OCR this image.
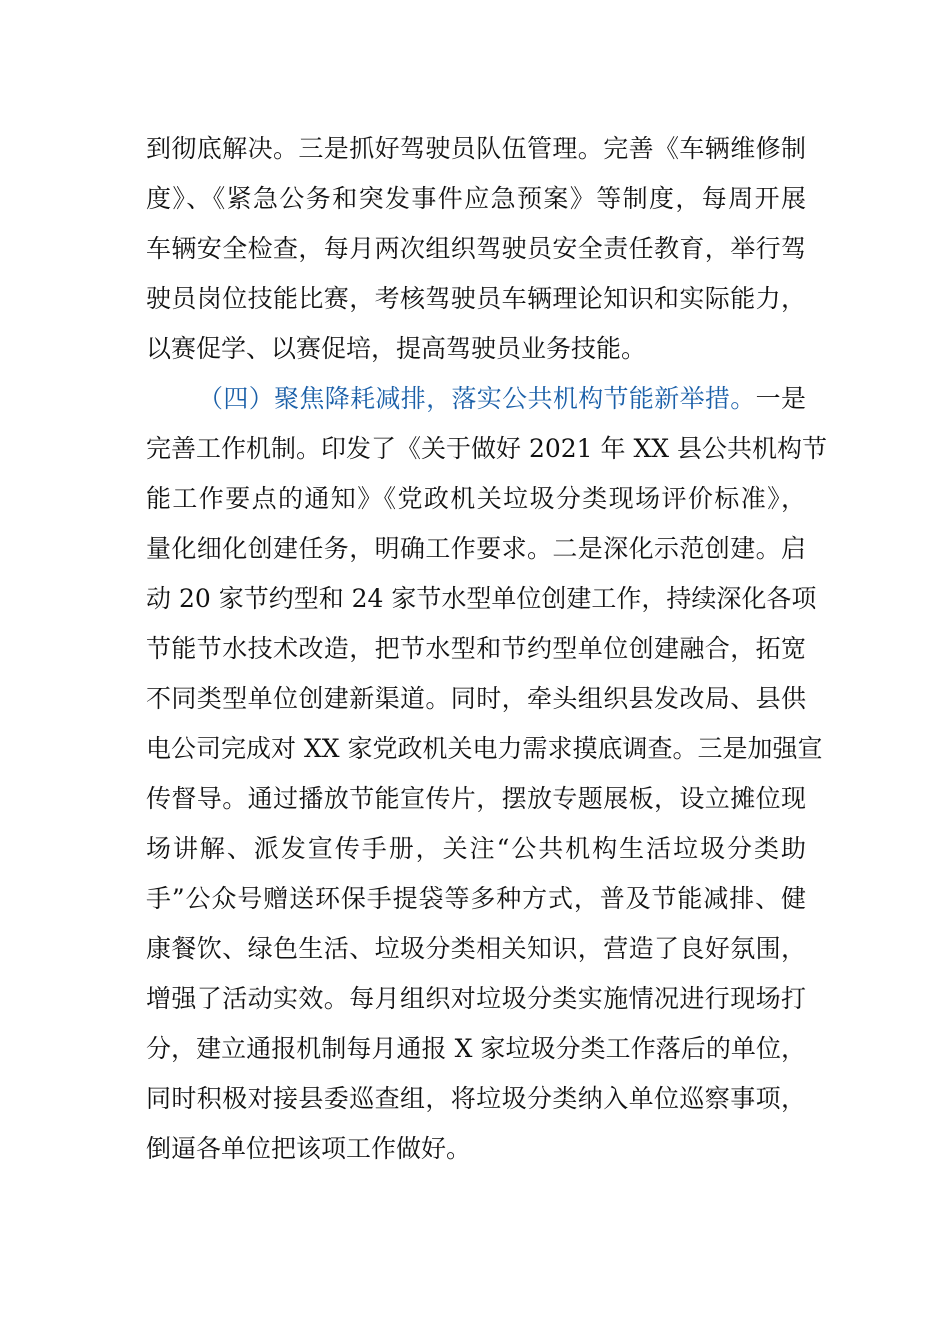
到彻底解决。三是抓好驾驶员队伍管理。完善《车辆维修制
度》、《紧急公务和突发事件应急预案》等制度，每周开展
车辆安全检查，每月两次组织驾驶员安全责任教育，举行驾
驶员岗位技能比赛，考核驾驶员车辆理论知识和实际能力，
以赛促学、以赛促培，提高驾驶员业务技能。
（四）聚焦降耗减排，落实公共机构节能新举措。一是
完善工作机制。印发了《关于做好 2021 年 XX 县公共机构节
能工作要点的通知》《党政机关垃圾分类现场评价标准》，
量化细化创建任务，明确工作要求。二是深化示范创建。启
动 20 家节约型和 24 家节水型单位创建工作，持续深化各项
节能节水技术改造，把节水型和节约型单位创建融合，拓宽
不同类型单位创建新渠道。同时，牵头组织县发改局、县供
电公司完成对 XX 家党政机关电力需求摸底调查。三是加强宣
传督导。通过播放节能宣传片，摆放专题展板，设立摊位现
场讲解、派发宣传手册，关注“公共机构生活垃圾分类助
手”公众号赠送环保手提袋等多种方式，普及节能减排、健
康餐饮、绿色生活、垃圾分类相关知识，营造了良好氛围，
增强了活动实效。每月组织对垃圾分类实施情况进行现场打
分，建立通报机制每月通报 X 家垃圾分类工作落后的单位，
同时积极对接县委巡查组，将垃圾分类纳入单位巡察事项，
倒逼各单位把该项工作做好。
